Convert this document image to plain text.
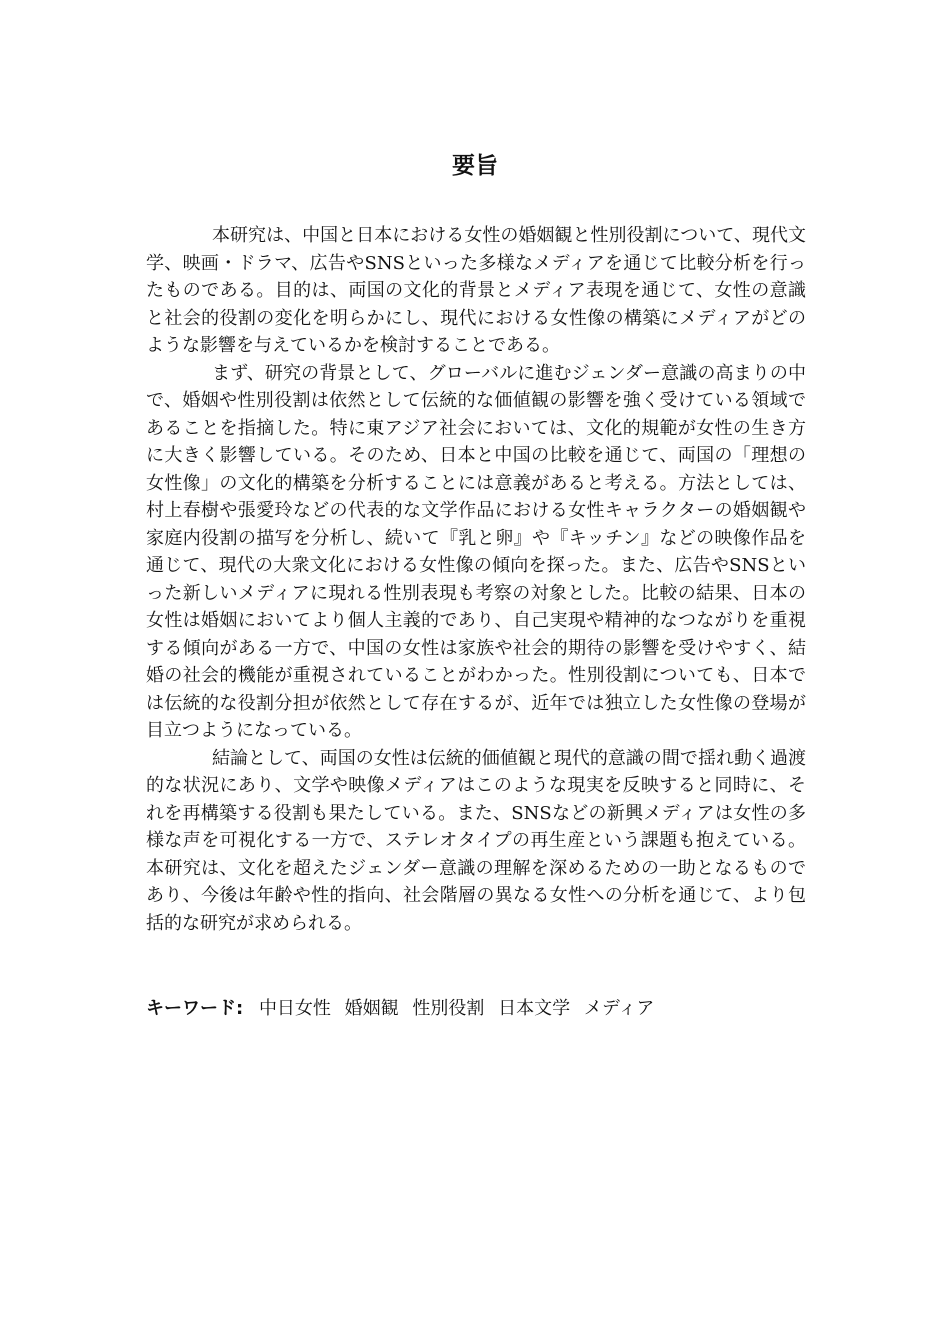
要旨

本研究は、中国と日本における女性の婚姻観と性別役割について、現代文学、映画・ドラマ、広告やSNSといった多様なメディアを通じて比較分析を行ったものである。目的は、両国の文化的背景とメディア表現を通じて、女性の意識と社会的役割の変化を明らかにし、現代における女性像の構築にメディアがどのような影響を与えているかを検討することである。

まず、研究の背景として、グローバルに進むジェンダー意識の高まりの中で、婚姻や性別役割は依然として伝統的な価値観の影響を強く受けている領域であることを指摘した。特に東アジア社会においては、文化的規範が女性の生き方に大きく影響している。そのため、日本と中国の比較を通じて、両国の「理想の女性像」の文化的構築を分析することには意義があると考える。方法としては、村上春樹や張愛玲などの代表的な文学作品における女性キャラクターの婚姻観や家庭内役割の描写を分析し、続いて『乳と卵』や『キッチン』などの映像作品を通じて、現代の大衆文化における女性像の傾向を探った。また、広告やSNSといった新しいメディアに現れる性別表現も考察の対象とした。比較の結果、日本の女性は婚姻においてより個人主義的であり、自己実現や精神的なつながりを重視する傾向がある一方で、中国の女性は家族や社会的期待の影響を受けやすく、結婚の社会的機能が重視されていることがわかった。性別役割についても、日本では伝統的な役割分担が依然として存在するが、近年では独立した女性像の登場が目立つようになっている。

結論として、両国の女性は伝統的価値観と現代的意識の間で揺れ動く過渡的な状況にあり、文学や映像メディアはこのような現実を反映すると同時に、それを再構築する役割も果たしている。また、SNSなどの新興メディアは女性の多様な声を可視化する一方で、ステレオタイプの再生産という課題も抱えている。本研究は、文化を超えたジェンダー意識の理解を深めるための一助となるものであり、今後は年齢や性的指向、社会階層の異なる女性への分析を通じて、より包括的な研究が求められる。

キーワード: 中日女性 婚姻観 性別役割 日本文学 メディア
